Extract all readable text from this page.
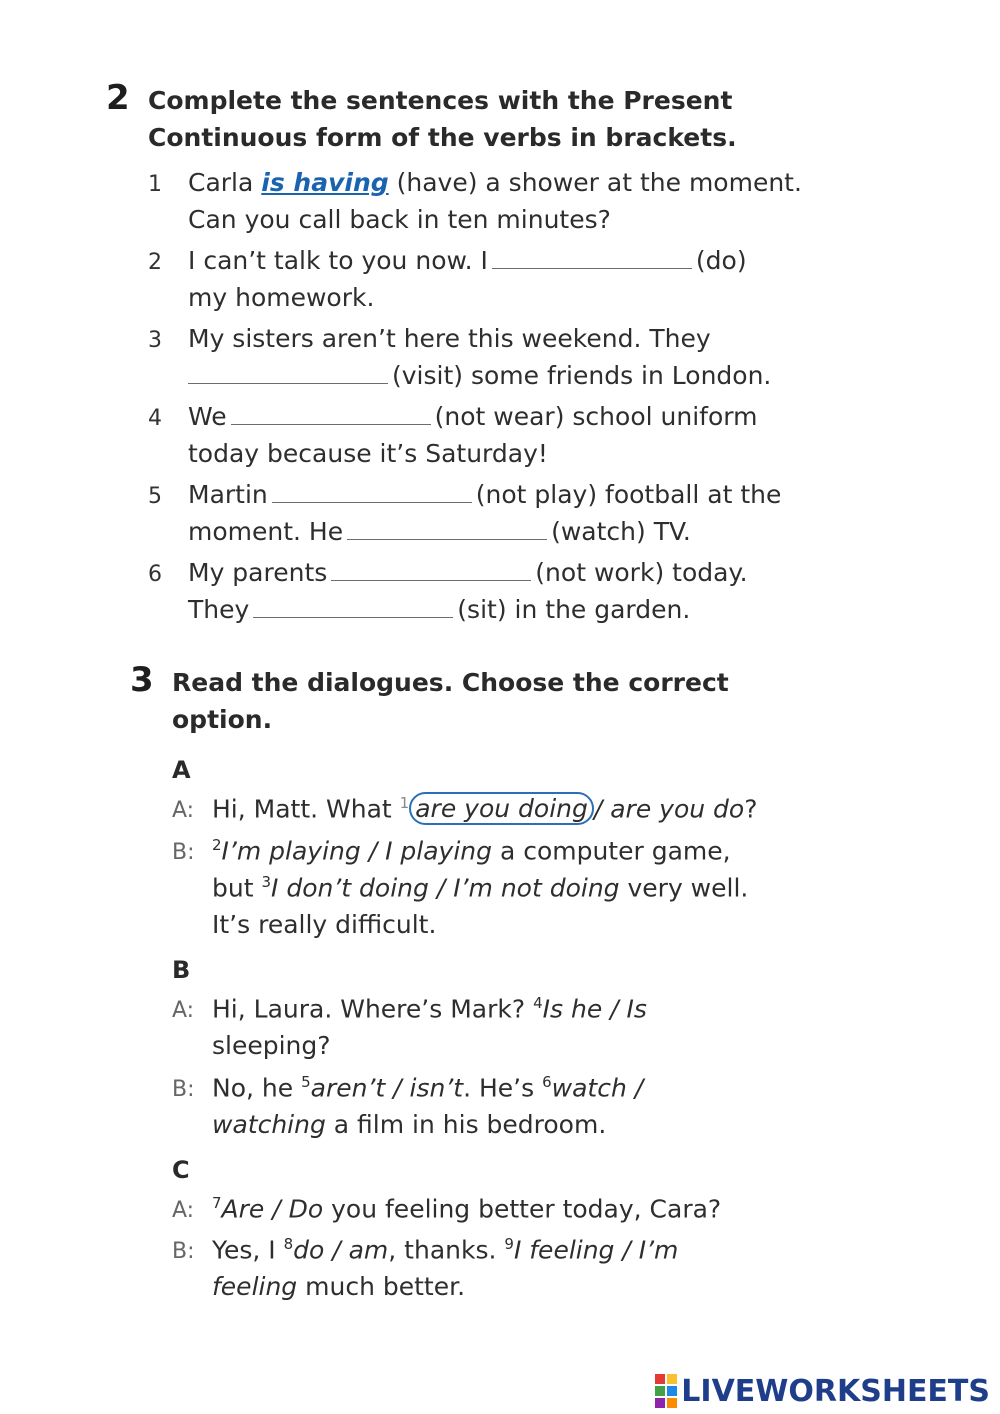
2 Complete the sentences with the Present
Continuous form of the verbs in brackets.
1 Carla is having (have) a shower at the moment.
Can you call back in ten minutes?
2 I can’t talk to you now. I	(do)
my homework.
3 My sisters aren’t here this weekend. They
(visit) some friends in London.
4 We	(not wear) school uniform
today because it’s Saturday!
5 Martin	(not play) football at the
moment. He	(watch) TV.
6 My parents	(not work) today.
They	(sit) in the garden.
3 Read the dialogues. Choose the correct
option.
A
A: Hi, Matt. What $^1$ are you doing / are you do?
B: $^2$I’m playing / I playing a computer game,
but $^3$I don’t doing / I’m not doing very well.
It’s really difficult.
B
A: Hi, Laura. Where’s Mark? $^4$Is he / Is
sleeping?
B: No, he $^5$aren’t / isn’t. He’s $^6$watch /
watching a film in his bedroom.
C
A: $^7$Are / Do you feeling better today, Cara?
B: Yes, I $^8$do / am, thanks. $^9$I feeling / I’m
feeling much better.
LIVEWORKSHEETS
